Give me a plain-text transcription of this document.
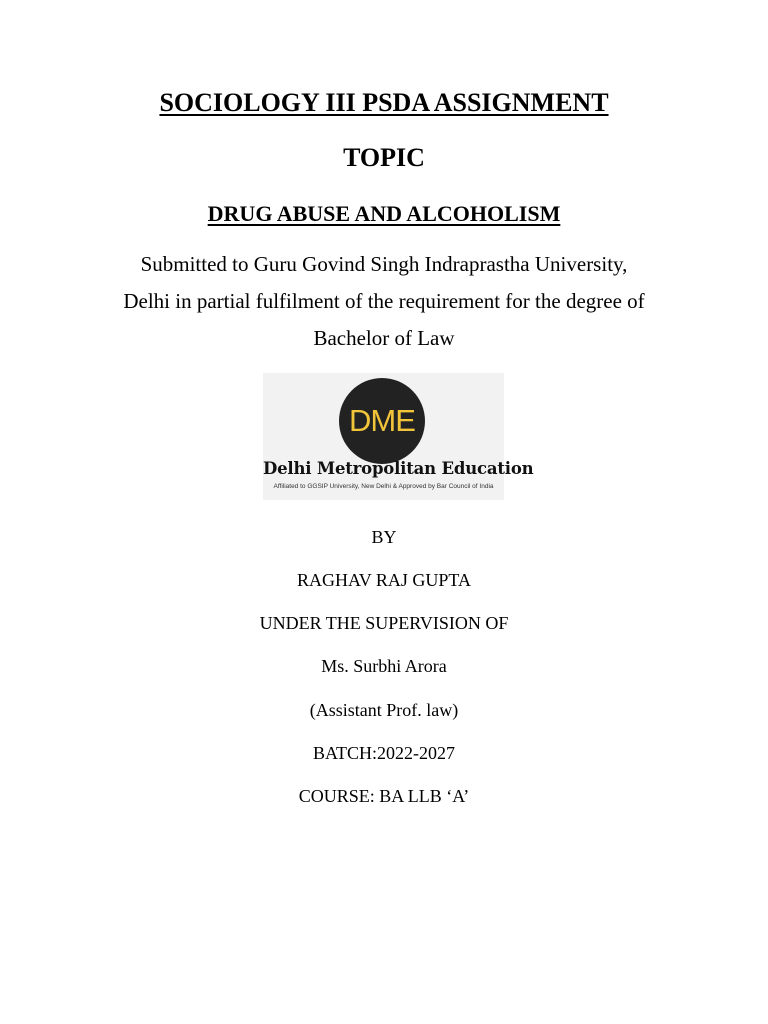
SOCIOLOGY III PSDA ASSIGNMENT
TOPIC
DRUG ABUSE AND ALCOHOLISM
Submitted to Guru Govind Singh Indraprastha University,
Delhi in partial fulfilment of the requirement for the degree of
Bachelor of Law
DME
Delhi Metropolitan Education
Affiliated to GGSIP University, New Delhi & Approved by Bar Council of India
BY
RAGHAV RAJ GUPTA
UNDER THE SUPERVISION OF
Ms. Surbhi Arora
(Assistant Prof. law)
BATCH:2022-2027
COURSE: BA LLB ‘A’
